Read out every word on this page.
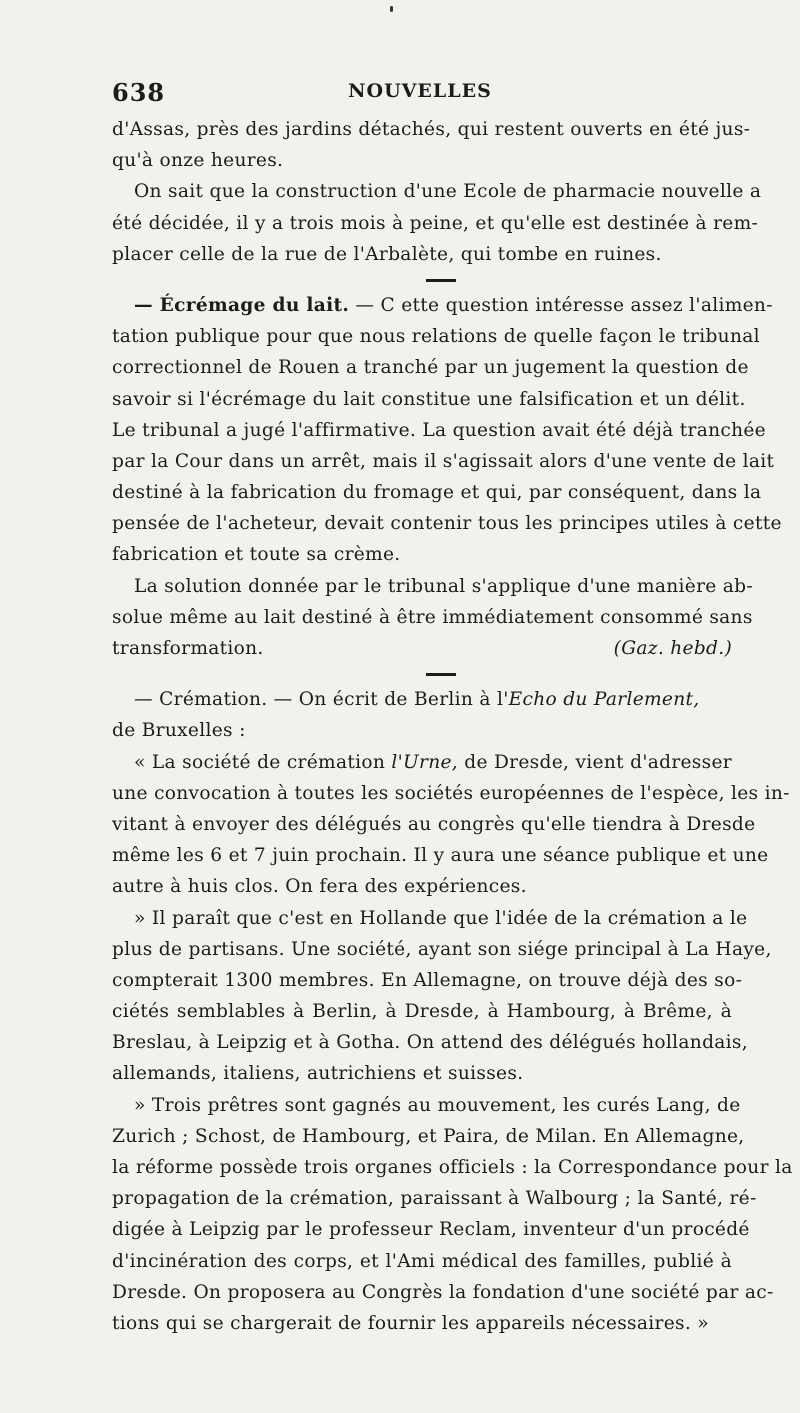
638	NOUVELLES
d'Assas, près des jardins détachés, qui restent ouverts en été jus-
qu'à onze heures.
On sait que la construction d'une Ecole de pharmacie nouvelle a
été décidée, il y a trois mois à peine, et qu'elle est destinée à rem-
placer celle de la rue de l'Arbalète, qui tombe en ruines.
— Écrémage du lait. — C ette question intéresse assez l'alimen-
tation publique pour que nous relations de quelle façon le tribunal
correctionnel de Rouen a tranché par un jugement la question de
savoir si l'écrémage du lait constitue une falsification et un délit.
Le tribunal a jugé l'affirmative. La question avait été déjà tranchée
par la Cour dans un arrêt, mais il s'agissait alors d'une vente de lait
destiné à la fabrication du fromage et qui, par conséquent, dans la
pensée de l'acheteur, devait contenir tous les principes utiles à cette
fabrication et toute sa crème.
La solution donnée par le tribunal s'applique d'une manière ab-
solue même au lait destiné à être immédiatement consommé sans
transformation.	(Gaz. hebd.)
— Crémation. — On écrit de Berlin à l'Echo du Parlement,
de Bruxelles :
« La société de crémation l'Urne, de Dresde, vient d'adresser
une convocation à toutes les sociétés européennes de l'espèce, les in-
vitant à envoyer des délégués au congrès qu'elle tiendra à Dresde
même les 6 et 7 juin prochain. Il y aura une séance publique et une
autre à huis clos. On fera des expériences.
» Il paraît que c'est en Hollande que l'idée de la crémation a le
plus de partisans. Une société, ayant son siége principal à La Haye,
compterait 1300 membres. En Allemagne, on trouve déjà des so-
ciétés semblables à Berlin, à Dresde, à Hambourg, à Brême, à
Breslau, à Leipzig et à Gotha. On attend des délégués hollandais,
allemands, italiens, autrichiens et suisses.
» Trois prêtres sont gagnés au mouvement, les curés Lang, de
Zurich ; Schost, de Hambourg, et Paira, de Milan. En Allemagne,
la réforme possède trois organes officiels : la Correspondance pour la
propagation de la crémation, paraissant à Walbourg ; la Santé, ré-
digée à Leipzig par le professeur Reclam, inventeur d'un procédé
d'incinération des corps, et l'Ami médical des familles, publié à
Dresde. On proposera au Congrès la fondation d'une société par ac-
tions qui se chargerait de fournir les appareils nécessaires. »
